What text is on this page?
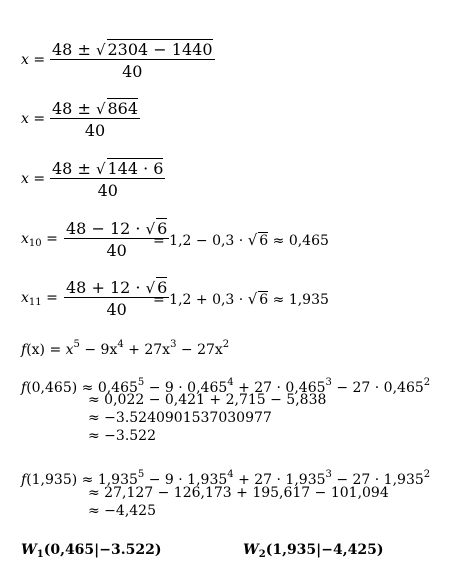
$x = \frac{48 \pm √ 2304 - 1440}{40}$
$x = \frac{48 \pm √ 864}{40}$
$x = \frac{48 \pm √ 144 \cdot 6}{40}$
$x_{10} = \frac{48 - 12 \cdot √ 6}{40}$
= 1,2 − 0,3 · √ 6 ≈ 0,465
$x_{11} = \frac{48 + 12 \cdot √ 6}{40}$
= 1,2 + 0,3 · √ 6 ≈ 1,935
$f(x) = x^5 - 9x^4 + 27x^3 - 27x^2$
$f(0,465) \approx 0,465^5 - 9 \cdot 0,465^4 + 27 \cdot 0,465^3 - 27 \cdot 0,465^2$
≈ 0,022 − 0,421 + 2,715 − 5,838
≈ −3.5240901537030977
≈ −3.522
$f(1,935) \approx 1,935^5 - 9 \cdot 1,935^4 + 27 \cdot 1,935^3 - 27 \cdot 1,935^2$
≈ 27,127 − 126,173 + 195,617 − 101,094
≈ −4,425
$W_1(0,465|-3.522)$	$W_2(1,935|-4,425)$
